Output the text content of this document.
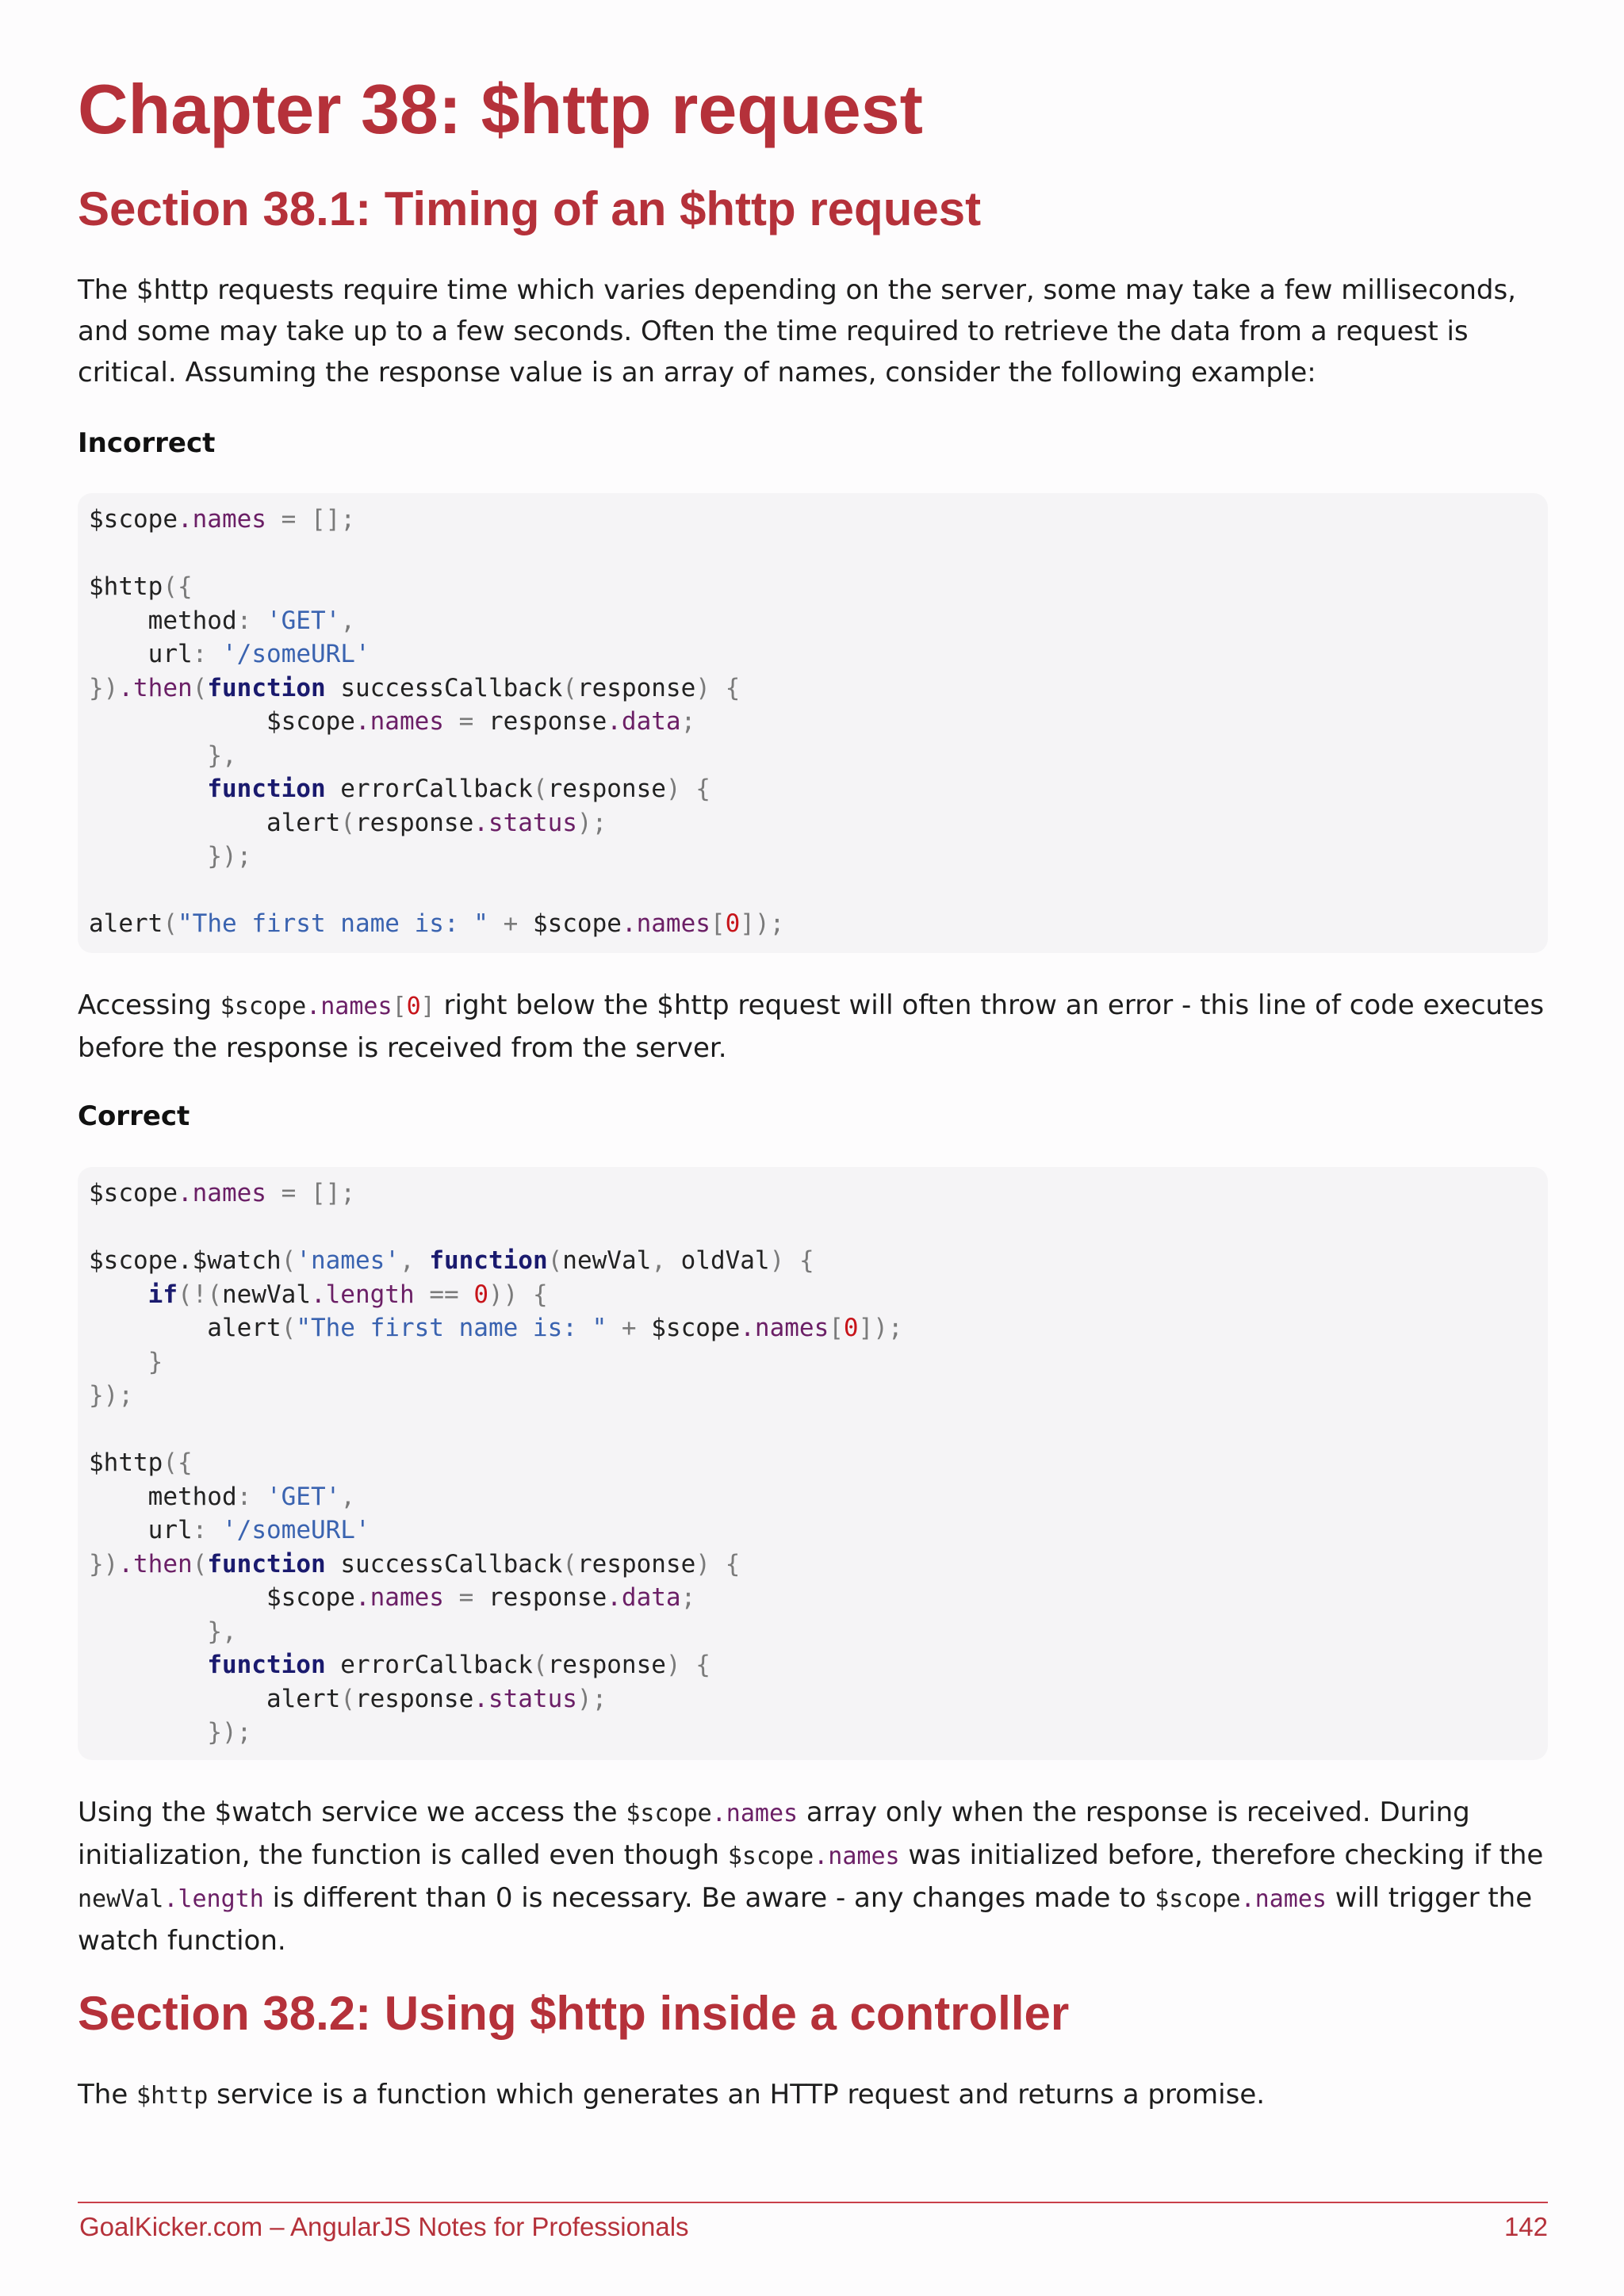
Chapter 38: $http request
Section 38.1: Timing of an $http request

The $http requests require time which varies depending on the server, some may take a few milliseconds, and some may take up to a few seconds. Often the time required to retrieve the data from a request is critical. Assuming the response value is an array of names, consider the following example:

Incorrect
$scope.names = [];

$http({
method: 'GET',
url: '/someURL'
}).then(function successCallback(response) {
$scope.names = response.data;
},
function errorCallback(response) {
alert(response.status);
});

alert("The first name is: " + $scope.names[0]);

Accessing $scope.names[0] right below the $http request will often throw an error - this line of code executes before the response is received from the server.

Correct
$scope.names = [];

$scope.$watch('names', function(newVal, oldVal) {
if(!(newVal.length == 0)) {
alert("The first name is: " + $scope.names[0]);
}
});

$http({
method: 'GET',
url: '/someURL'
}).then(function successCallback(response) {
$scope.names = response.data;
},
function errorCallback(response) {
alert(response.status);
});

Using the $watch service we access the $scope.names array only when the response is received. During initialization, the function is called even though $scope.names was initialized before, therefore checking if the newVal.length is different than 0 is necessary. Be aware - any changes made to $scope.names will trigger the watch function.

Section 38.2: Using $http inside a controller

The $http service is a function which generates an HTTP request and returns a promise.

GoalKicker.com – AngularJS Notes for Professionals	142
